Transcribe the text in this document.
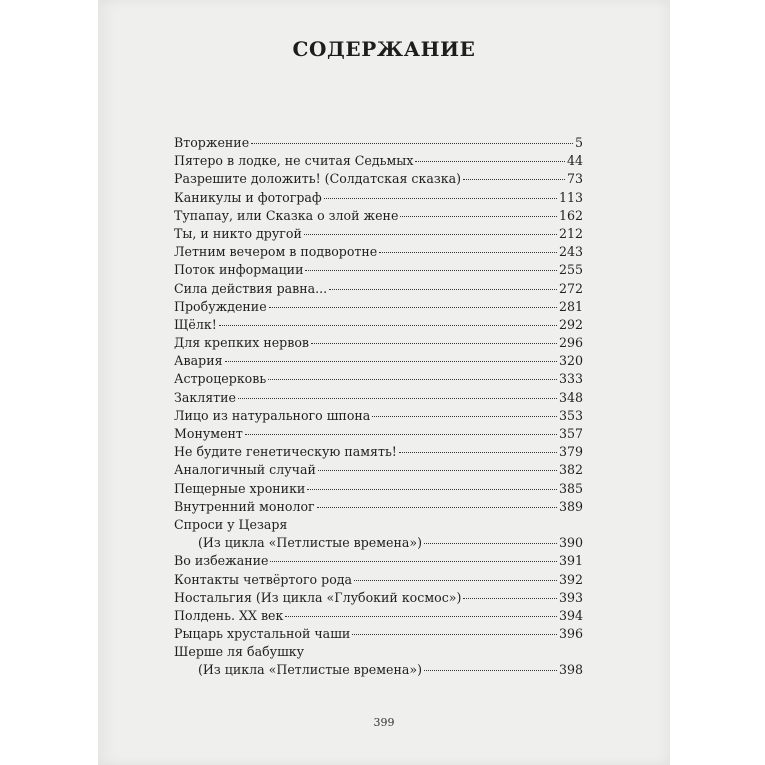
СОДЕРЖАНИЕ
Вторжение	5
Пятеро в лодке, не считая Седьмых	44
Разрешите доложить! (Солдатская сказка)	73
Каникулы и фотограф	113
Тупапау, или Сказка о злой жене	162
Ты, и никто другой	212
Летним вечером в подворотне	243
Поток информации	255
Сила действия равна...	272
Пробуждение	281
Щёлк!	292
Для крепких нервов	296
Авария	320
Астроцерковь	333
Заклятие	348
Лицо из натурального шпона	353
Монумент	357
Не будите генетическую память!	379
Аналогичный случай	382
Пещерные хроники	385
Внутренний монолог	389
Спроси у Цезаря
(Из цикла «Петлистые времена»)	390
Во избежание	391
Контакты четвёртого рода	392
Ностальгия (Из цикла «Глубокий космос»)	393
Полдень. XX век	394
Рыцарь хрустальной чаши	396
Шерше ля бабушку
(Из цикла «Петлистые времена»)	398
399
